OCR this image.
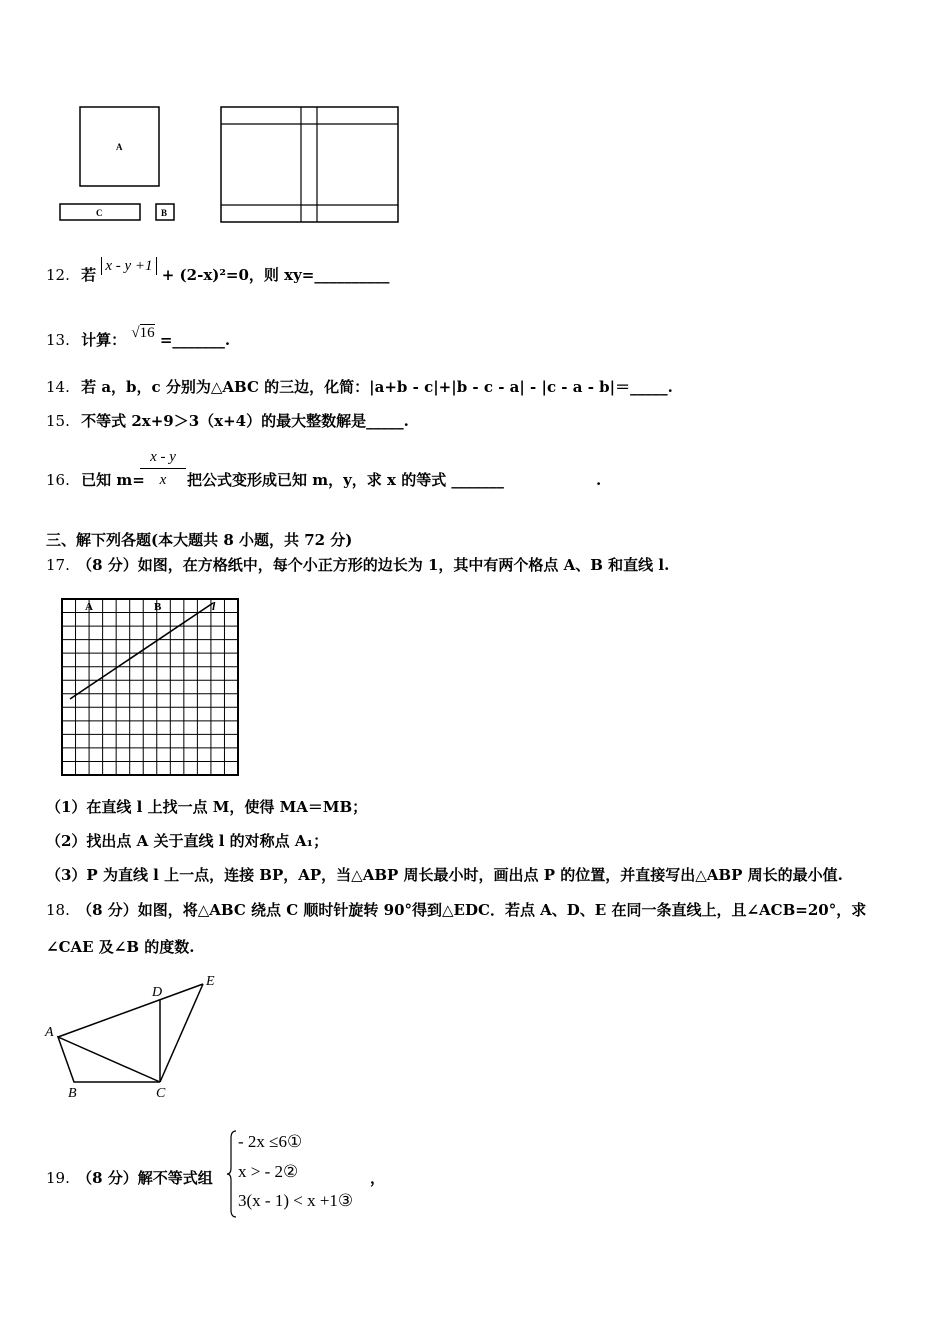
A
C	B
12. 若 x - y +1 + (2-x)²=0，则 xy=__________
13. 计算： √16 =_______.
14. 若 a，b，c 分别为△ABC 的三边，化简：|a+b - c|+|b - c - a| - |c - a - b|＝_____.
15. 不等式 2x+9＞3（x+4）的最大整数解是_____.
16. 已知 m=
x - y
x	把公式变形成已知 m，y，求 x 的等式 _______	.
三、解下列各题(本大题共 8 小题，共 72 分)
17. （8 分）如图，在方格纸中，每个小正方形的边长为 1，其中有两个格点 A、B 和直线 l.
A	B	l
（1）在直线 l 上找一点 M，使得 MA＝MB；
（2）找出点 A 关于直线 l 的对称点 A₁；
（3）P 为直线 l 上一点，连接 BP，AP，当△ABP 周长最小时，画出点 P 的位置，并直接写出△ABP 周长的最小值.
18. （8 分）如图，将△ABC 绕点 C 顺时针旋转 90°得到△EDC．若点 A、D、E 在同一条直线上，且∠ACB=20°，求
∠CAE 及∠B 的度数.
A
B	C
D
E
19. （8 分）解不等式组
- 2x ≤6①
x > - 2②
3(x - 1) < x +1③
，
